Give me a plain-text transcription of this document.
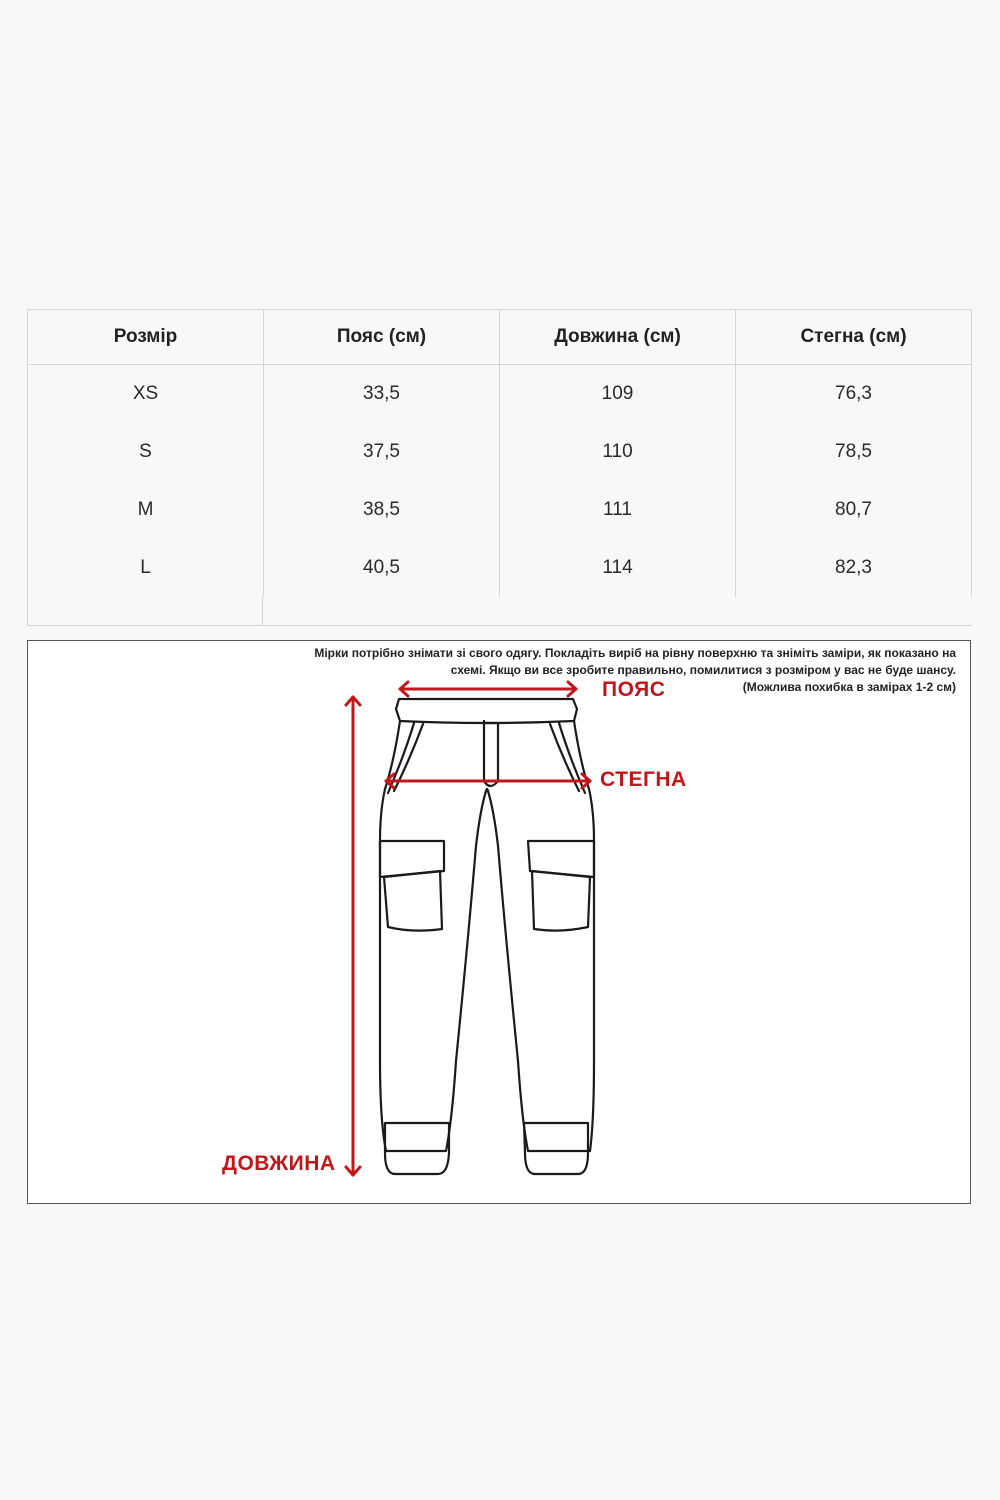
Розмір	Пояс (см)	Довжина (см)	Стегна (см)
XS	33,5	109	76,3
S	37,5	110	78,5
M	38,5	111	80,7
L	40,5	114	82,3
Мірки потрібно знімати зі свого одягу. Покладіть виріб на рівну поверхню та зніміть заміри, як показано на
схемі. Якщо ви все зробите правильно, помилитися з розміром у вас не буде шансу.
(Можлива похибка в замірах 1-2 см)
ПОЯС
СТЕГНА
ДОВЖИНА
